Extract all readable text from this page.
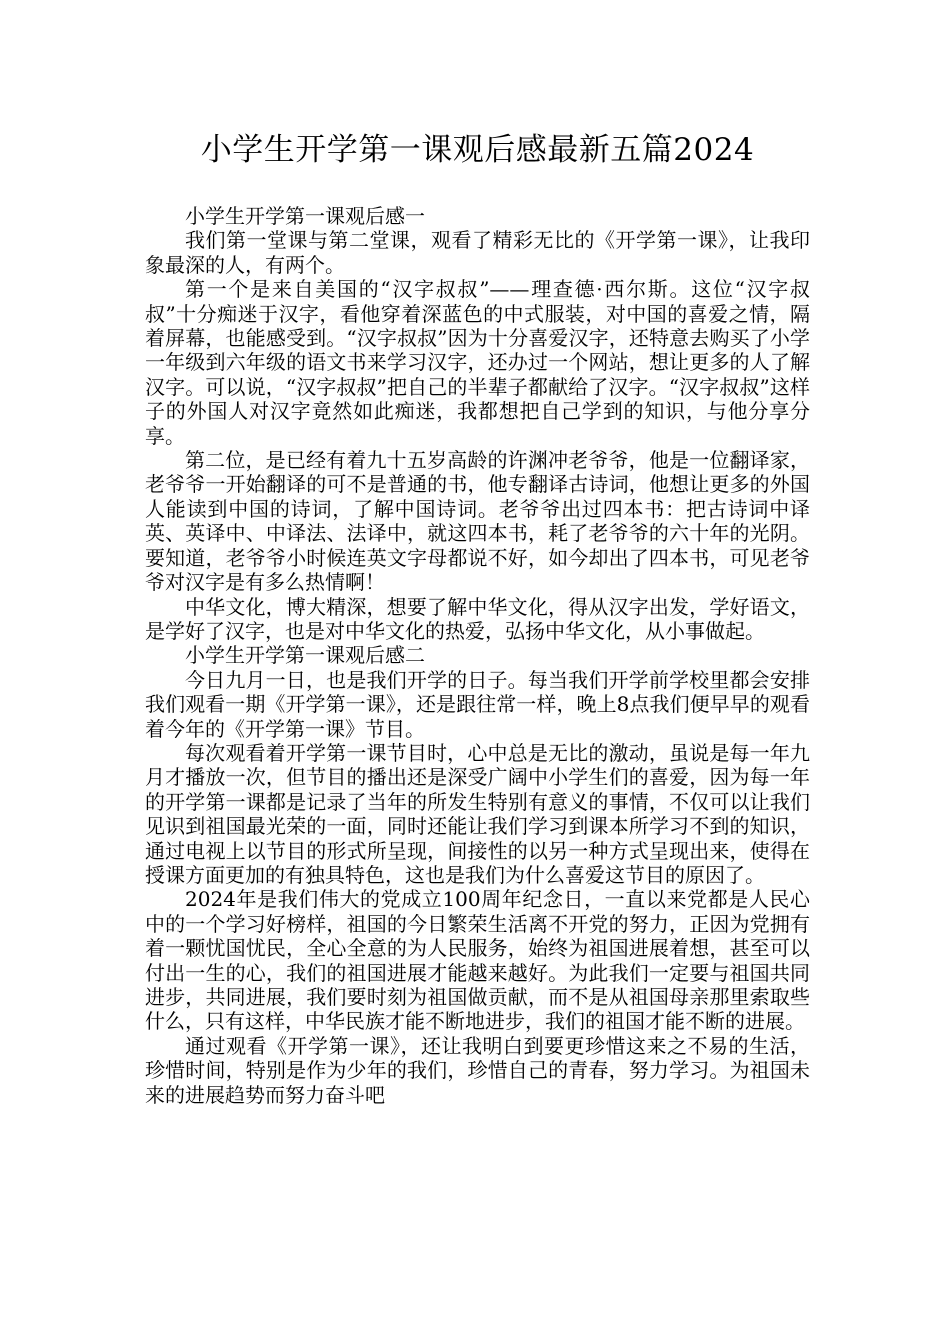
小学生开学第一课观后感最新五篇2024

小学生开学第一课观后感一

我们第一堂课与第二堂课，观看了精彩无比的《开学第一课》，让我印象最深的人，有两个。

第一个是来自美国的“汉字叔叔”——理查德·西尔斯。这位“汉字叔叔”十分痴迷于汉字，看他穿着深蓝色的中式服装，对中国的喜爱之情，隔着屏幕，也能感受到。“汉字叔叔”因为十分喜爱汉字，还特意去购买了小学一年级到六年级的语文书来学习汉字，还办过一个网站，想让更多的人了解汉字。可以说，“汉字叔叔”把自己的半辈子都献给了汉字。“汉字叔叔”这样子的外国人对汉字竟然如此痴迷，我都想把自己学到的知识，与他分享分享。

第二位，是已经有着九十五岁高龄的许渊冲老爷爷，他是一位翻译家，老爷爷一开始翻译的可不是普通的书，他专翻译古诗词，他想让更多的外国人能读到中国的诗词，了解中国诗词。老爷爷出过四本书：把古诗词中译英、英译中、中译法、法译中，就这四本书，耗了老爷爷的六十年的光阴。要知道，老爷爷小时候连英文字母都说不好，如今却出了四本书，可见老爷爷对汉字是有多么热情啊！

中华文化，博大精深，想要了解中华文化，得从汉字出发，学好语文，是学好了汉字，也是对中华文化的热爱，弘扬中华文化，从小事做起。

小学生开学第一课观后感二

今日九月一日，也是我们开学的日子。每当我们开学前学校里都会安排我们观看一期《开学第一课》，还是跟往常一样，晚上8点我们便早早的观看着今年的《开学第一课》节目。

每次观看着开学第一课节目时，心中总是无比的激动，虽说是每一年九月才播放一次，但节目的播出还是深受广阔中小学生们的喜爱，因为每一年的开学第一课都是记录了当年的所发生特别有意义的事情，不仅可以让我们见识到祖国最光荣的一面，同时还能让我们学习到课本所学习不到的知识，通过电视上以节目的形式所呈现，间接性的以另一种方式呈现出来，使得在授课方面更加的有独具特色，这也是我们为什么喜爱这节目的原因了。

2024年是我们伟大的党成立100周年纪念日，一直以来党都是人民心中的一个学习好榜样，祖国的今日繁荣生活离不开党的努力，正因为党拥有着一颗忧国忧民，全心全意的为人民服务，始终为祖国进展着想，甚至可以付出一生的心，我们的祖国进展才能越来越好。为此我们一定要与祖国共同进步，共同进展，我们要时刻为祖国做贡献，而不是从祖国母亲那里索取些什么，只有这样，中华民族才能不断地进步，我们的祖国才能不断的进展。

通过观看《开学第一课》，还让我明白到要更珍惜这来之不易的生活，珍惜时间，特别是作为少年的我们，珍惜自己的青春，努力学习。为祖国未来的进展趋势而努力奋斗吧
